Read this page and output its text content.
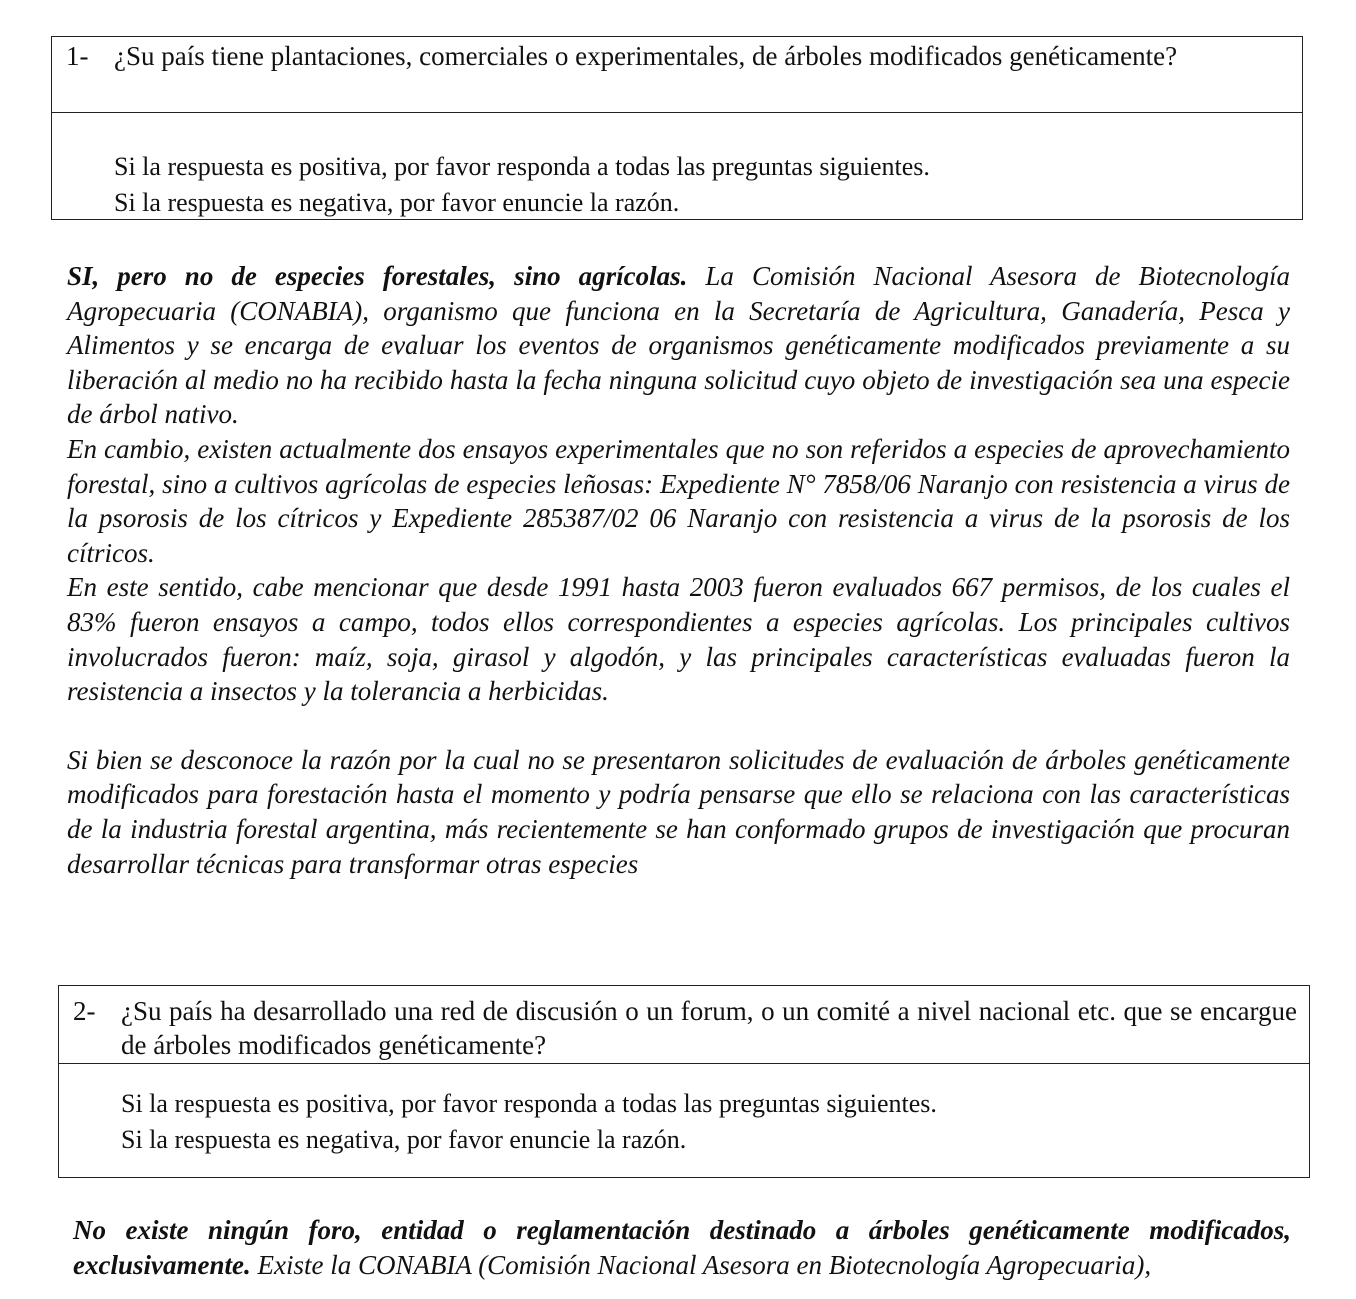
1- ¿Su país tiene plantaciones, comerciales o experimentales, de árboles modificados genéticamente?
Si la respuesta es positiva, por favor responda a todas las preguntas siguientes.
Si la respuesta es negativa, por favor enuncie la razón.

SI, pero no de especies forestales, sino agrícolas. La Comisión Nacional Asesora de Biotecnología Agropecuaria (CONABIA), organismo que funciona en la Secretaría de Agricultura, Ganadería, Pesca y Alimentos y se encarga de evaluar los eventos de organismos genéticamente modificados previamente a su liberación al medio no ha recibido hasta la fecha ninguna solicitud cuyo objeto de investigación sea una especie de árbol nativo.

En cambio, existen actualmente dos ensayos experimentales que no son referidos a especies de aprovechamiento forestal, sino a cultivos agrícolas de especies leñosas: Expediente N° 7858/06 Naranjo con resistencia a virus de la psorosis de los cítricos y Expediente 285387/02 06 Naranjo con resistencia a virus de la psorosis de los cítricos.

En este sentido, cabe mencionar que desde 1991 hasta 2003 fueron evaluados 667 permisos, de los cuales el 83% fueron ensayos a campo, todos ellos correspondientes a especies agrícolas. Los principales cultivos involucrados fueron: maíz, soja, girasol y algodón, y las principales características evaluadas fueron la resistencia a insectos y la tolerancia a herbicidas.

Si bien se desconoce la razón por la cual no se presentaron solicitudes de evaluación de árboles genéticamente modificados para forestación hasta el momento y podría pensarse que ello se relaciona con las características de la industria forestal argentina, más recientemente se han conformado grupos de investigación que procuran desarrollar técnicas para transformar otras especies

2- ¿Su país ha desarrollado una red de discusión o un forum, o un comité a nivel nacional etc. que se encargue de árboles modificados genéticamente?
Si la respuesta es positiva, por favor responda a todas las preguntas siguientes.
Si la respuesta es negativa, por favor enuncie la razón.

No existe ningún foro, entidad o reglamentación destinado a árboles genéticamente modificados, exclusivamente. Existe la CONABIA (Comisión Nacional Asesora en Biotecnología Agropecuaria),
